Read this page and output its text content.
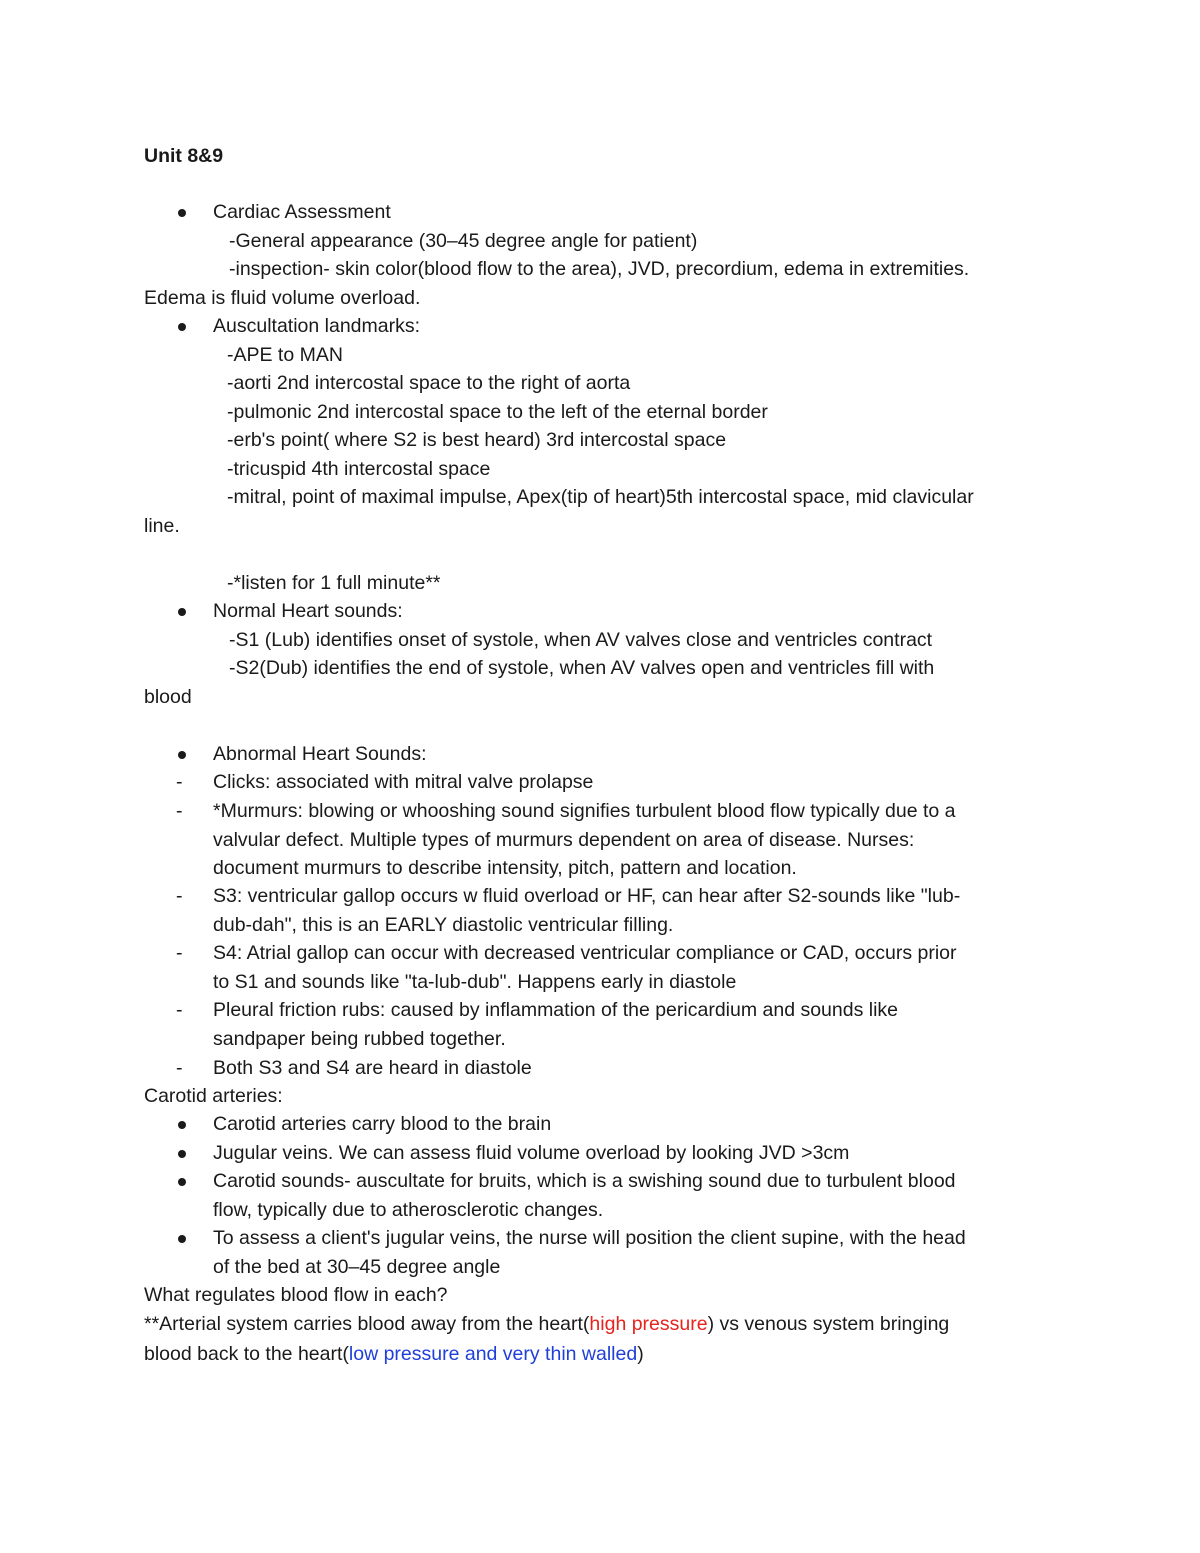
Unit 8&9
Cardiac Assessment
-General appearance (30–45 degree angle for patient)
-inspection- skin color(blood flow to the area), JVD, precordium, edema in extremities.
Edema is fluid volume overload.
Auscultation landmarks:
-APE to MAN
-aorti 2nd intercostal space to the right of aorta
-pulmonic 2nd intercostal space to the left of the eternal border
-erb's point( where S2 is best heard) 3rd intercostal space
-tricuspid 4th intercostal space
-mitral, point of maximal impulse, Apex(tip of heart)5th intercostal space, mid clavicular
line.
-*listen for 1 full minute**
Normal Heart sounds:
-S1 (Lub) identifies onset of systole, when AV valves close and ventricles contract
-S2(Dub) identifies the end of systole, when AV valves open and ventricles fill with
blood
Abnormal Heart Sounds:
- Clicks: associated with mitral valve prolapse
- *Murmurs: blowing or whooshing sound signifies turbulent blood flow typically due to a
valvular defect. Multiple types of murmurs dependent on area of disease. Nurses:
document murmurs to describe intensity, pitch, pattern and location.
- S3: ventricular gallop occurs w fluid overload or HF, can hear after S2-sounds like "lub-
dub-dah", this is an EARLY diastolic ventricular filling.
- S4: Atrial gallop can occur with decreased ventricular compliance or CAD, occurs prior
to S1 and sounds like "ta-lub-dub". Happens early in diastole
- Pleural friction rubs: caused by inflammation of the pericardium and sounds like
sandpaper being rubbed together.
- Both S3 and S4 are heard in diastole
Carotid arteries:
Carotid arteries carry blood to the brain
Jugular veins. We can assess fluid volume overload by looking JVD >3cm
Carotid sounds- auscultate for bruits, which is a swishing sound due to turbulent blood
flow, typically due to atherosclerotic changes.
To assess a client's jugular veins, the nurse will position the client supine, with the head
of the bed at 30–45 degree angle
What regulates blood flow in each?
**Arterial system carries blood away from the heart(high pressure) vs venous system bringing
blood back to the heart(low pressure and very thin walled)
